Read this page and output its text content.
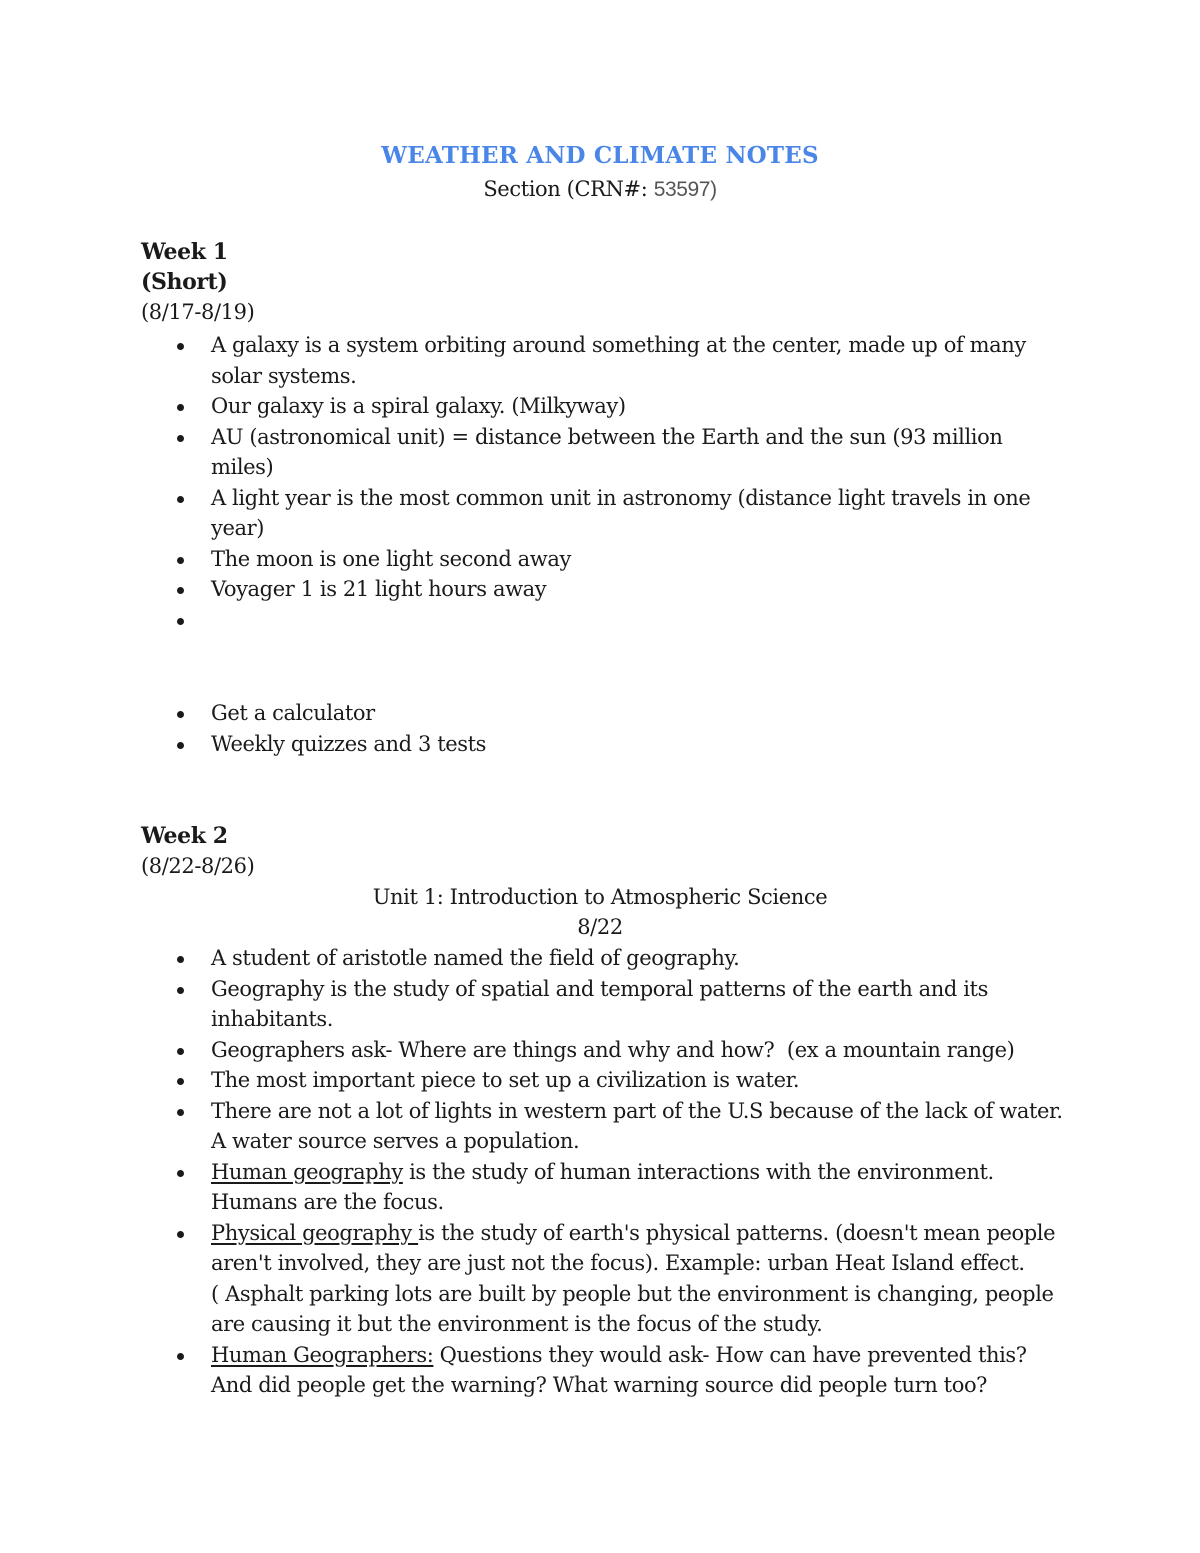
WEATHER AND CLIMATE NOTES
Section (CRN#: 53597)
Week 1
(Short)
(8/17-8/19)
A galaxy is a system orbiting around something at the center, made up of many
solar systems.
Our galaxy is a spiral galaxy. (Milkyway)
AU (astronomical unit) = distance between the Earth and the sun (93 million
miles)
A light year is the most common unit in astronomy (distance light travels in one
year)
The moon is one light second away
Voyager 1 is 21 light hours away
Get a calculator
Weekly quizzes and 3 tests
Week 2
(8/22-8/26)
Unit 1: Introduction to Atmospheric Science
8/22
A student of aristotle named the field of geography.
Geography is the study of spatial and temporal patterns of the earth and its
inhabitants.
Geographers ask- Where are things and why and how?  (ex a mountain range)
The most important piece to set up a civilization is water.
There are not a lot of lights in western part of the U.S because of the lack of water.
A water source serves a population.
Human geography is the study of human interactions with the environment.
Humans are the focus.
Physical geography is the study of earth's physical patterns. (doesn't mean people
aren't involved, they are just not the focus). Example: urban Heat Island effect.
( Asphalt parking lots are built by people but the environment is changing, people
are causing it but the environment is the focus of the study.
Human Geographers: Questions they would ask- How can have prevented this?
And did people get the warning? What warning source did people turn too?
